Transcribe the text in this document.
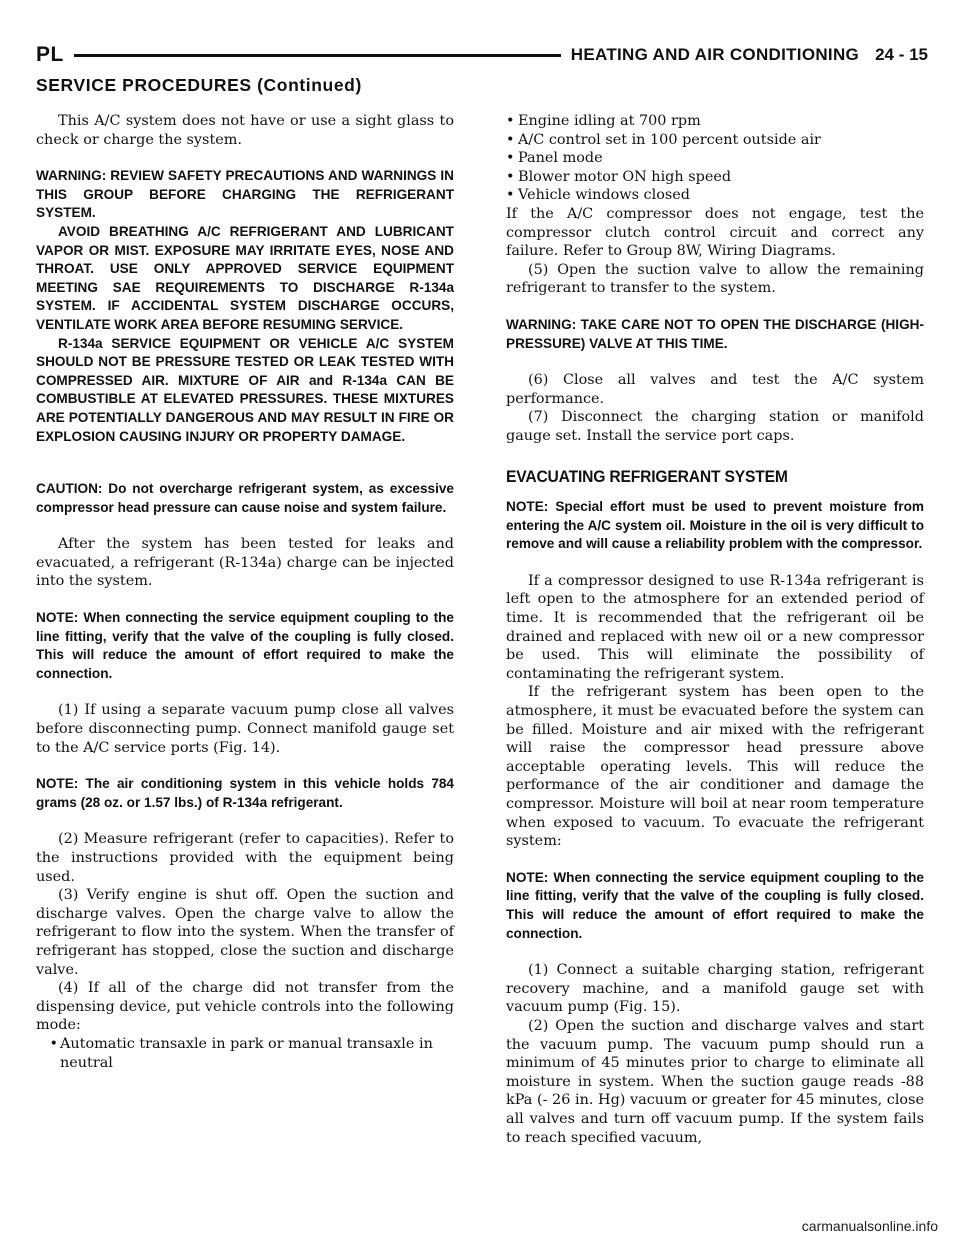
PL	HEATING AND AIR CONDITIONING 24 - 15
SERVICE PROCEDURES (Continued)

This A/C system does not have or use a sight glass to check or charge the system.

WARNING: REVIEW SAFETY PRECAUTIONS AND WARNINGS IN THIS GROUP BEFORE CHARGING THE REFRIGERANT SYSTEM.

AVOID BREATHING A/C REFRIGERANT AND LUBRICANT VAPOR OR MIST. EXPOSURE MAY IRRITATE EYES, NOSE AND THROAT. USE ONLY APPROVED SERVICE EQUIPMENT MEETING SAE REQUIREMENTS TO DISCHARGE R-134a SYSTEM. IF ACCIDENTAL SYSTEM DISCHARGE OCCURS, VENTILATE WORK AREA BEFORE RESUMING SERVICE.

R-134a SERVICE EQUIPMENT OR VEHICLE A/C SYSTEM SHOULD NOT BE PRESSURE TESTED OR LEAK TESTED WITH COMPRESSED AIR. MIXTURE OF AIR and R-134a CAN BE COMBUSTIBLE AT ELEVATED PRESSURES. THESE MIXTURES ARE POTENTIALLY DANGEROUS AND MAY RESULT IN FIRE OR EXPLOSION CAUSING INJURY OR PROPERTY DAMAGE.

CAUTION: Do not overcharge refrigerant system, as excessive compressor head pressure can cause noise and system failure.

After the system has been tested for leaks and evacuated, a refrigerant (R-134a) charge can be injected into the system.

NOTE: When connecting the service equipment coupling to the line fitting, verify that the valve of the coupling is fully closed. This will reduce the amount of effort required to make the connection.

(1) If using a separate vacuum pump close all valves before disconnecting pump. Connect manifold gauge set to the A/C service ports (Fig. 14).

NOTE: The air conditioning system in this vehicle holds 784 grams (28 oz. or 1.57 lbs.) of R-134a refrigerant.

(2) Measure refrigerant (refer to capacities). Refer to the instructions provided with the equipment being used.

(3) Verify engine is shut off. Open the suction and discharge valves. Open the charge valve to allow the refrigerant to flow into the system. When the transfer of refrigerant has stopped, close the suction and discharge valve.

(4) If all of the charge did not transfer from the dispensing device, put vehicle controls into the following mode:

• Automatic transaxle in park or manual transaxle in neutral
• Engine idling at 700 rpm
• A/C control set in 100 percent outside air
• Panel mode
• Blower motor ON high speed
• Vehicle windows closed

If the A/C compressor does not engage, test the compressor clutch control circuit and correct any failure. Refer to Group 8W, Wiring Diagrams.

(5) Open the suction valve to allow the remaining refrigerant to transfer to the system.

WARNING: TAKE CARE NOT TO OPEN THE DISCHARGE (HIGH-PRESSURE) VALVE AT THIS TIME.

(6) Close all valves and test the A/C system performance.

(7) Disconnect the charging station or manifold gauge set. Install the service port caps.

EVACUATING REFRIGERANT SYSTEM

NOTE: Special effort must be used to prevent moisture from entering the A/C system oil. Moisture in the oil is very difficult to remove and will cause a reliability problem with the compressor.

If a compressor designed to use R-134a refrigerant is left open to the atmosphere for an extended period of time. It is recommended that the refrigerant oil be drained and replaced with new oil or a new compressor be used. This will eliminate the possibility of contaminating the refrigerant system.

If the refrigerant system has been open to the atmosphere, it must be evacuated before the system can be filled. Moisture and air mixed with the refrigerant will raise the compressor head pressure above acceptable operating levels. This will reduce the performance of the air conditioner and damage the compressor. Moisture will boil at near room temperature when exposed to vacuum. To evacuate the refrigerant system:

NOTE: When connecting the service equipment coupling to the line fitting, verify that the valve of the coupling is fully closed. This will reduce the amount of effort required to make the connection.

(1) Connect a suitable charging station, refrigerant recovery machine, and a manifold gauge set with vacuum pump (Fig. 15).

(2) Open the suction and discharge valves and start the vacuum pump. The vacuum pump should run a minimum of 45 minutes prior to charge to eliminate all moisture in system. When the suction gauge reads -88 kPa (- 26 in. Hg) vacuum or greater for 45 minutes, close all valves and turn off vacuum pump. If the system fails to reach specified vacuum,

carmanualsonline.info
